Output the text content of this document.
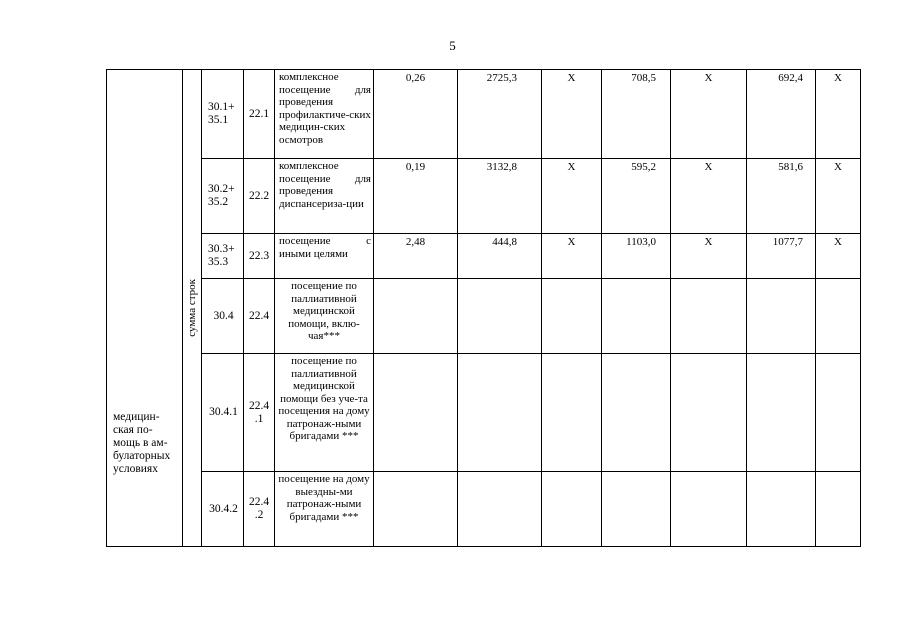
5
медицин-ская по-мощь в ам-булаторных условиях	сумма строк	30.1+ 35.1	22.1	комплексное посещение для проведения профилактиче-ских медицин-ских осмотров	0,26	2725,3	Х	708,5	Х	692,4	Х
		30.2+ 35.2	22.2	комплексное посещение для проведения диспансериза-ции	0,19	3132,8	Х	595,2	Х	581,6	Х
		30.3+ 35.3	22.3	посещение с иными целями	2,48	444,8	Х	1103,0	Х	1077,7	Х
		30.4	22.4	посещение по паллиативной медицинской помощи, вклю-чая***							
		30.4.1	22.4 .1	посещение по паллиативной медицинской помощи без уче-та посещения на дому патронаж-ными бригадами ***							
		30.4.2	22.4 .2	посещение на дому выездны-ми патронаж-ными бригадами ***							
